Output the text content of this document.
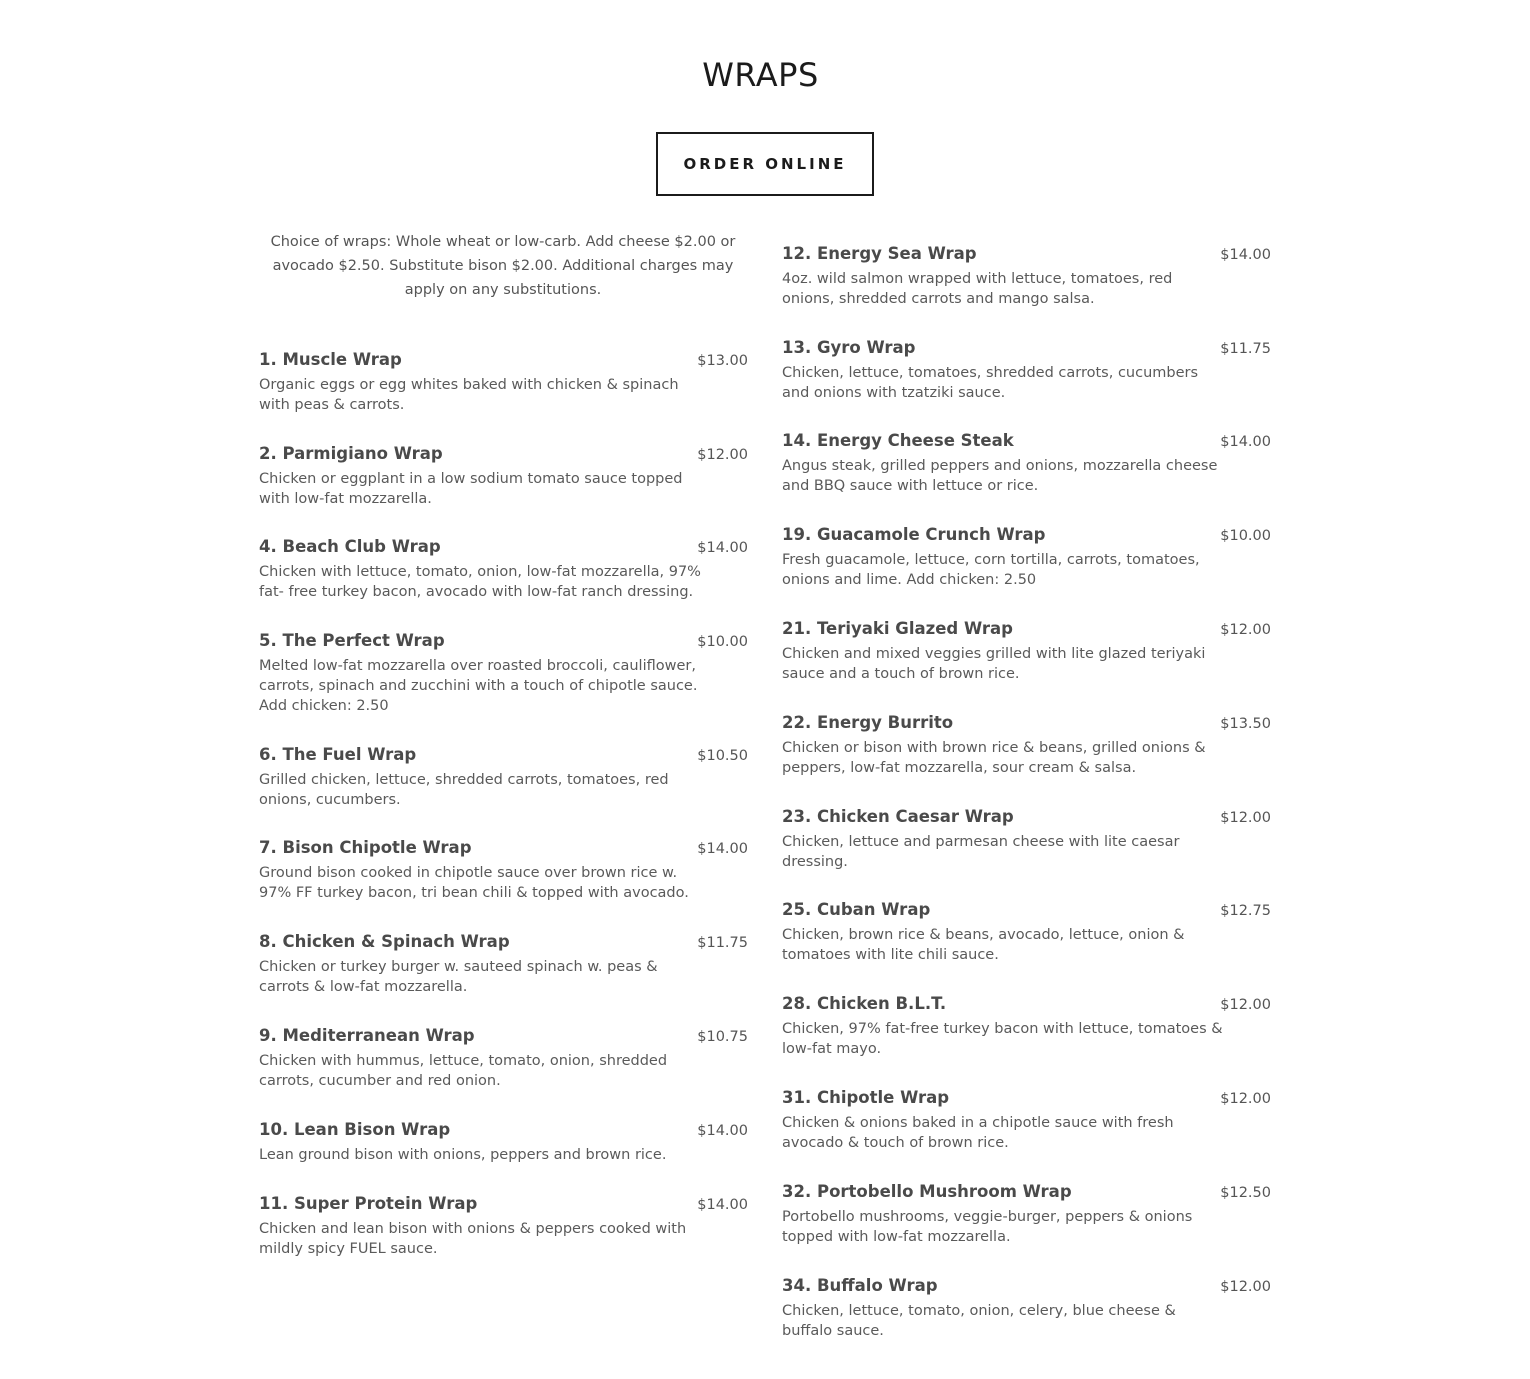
WRAPS
ORDER ONLINE

Choice of wraps: Whole wheat or low-carb. Add cheese $2.00 or avocado $2.50. Substitute bison $2.00. Additional charges may apply on any substitutions.

1. Muscle Wrap	$13.00
Organic eggs or egg whites baked with chicken & spinach with peas & carrots.
2. Parmigiano Wrap	$12.00
Chicken or eggplant in a low sodium tomato sauce topped with low-fat mozzarella.
4. Beach Club Wrap	$14.00
Chicken with lettuce, tomato, onion, low-fat mozzarella, 97% fat- free turkey bacon, avocado with low-fat ranch dressing.
5. The Perfect Wrap	$10.00
Melted low-fat mozzarella over roasted broccoli, cauliflower, carrots, spinach and zucchini with a touch of chipotle sauce. Add chicken: 2.50
6. The Fuel Wrap	$10.50
Grilled chicken, lettuce, shredded carrots, tomatoes, red onions, cucumbers.
7. Bison Chipotle Wrap	$14.00
Ground bison cooked in chipotle sauce over brown rice w. 97% FF turkey bacon, tri bean chili & topped with avocado.
8. Chicken & Spinach Wrap	$11.75
Chicken or turkey burger w. sauteed spinach w. peas & carrots & low-fat mozzarella.
9. Mediterranean Wrap	$10.75
Chicken with hummus, lettuce, tomato, onion, shredded carrots, cucumber and red onion.
10. Lean Bison Wrap	$14.00
Lean ground bison with onions, peppers and brown rice.
11. Super Protein Wrap	$14.00
Chicken and lean bison with onions & peppers cooked with mildly spicy FUEL sauce.
12. Energy Sea Wrap	$14.00
4oz. wild salmon wrapped with lettuce, tomatoes, red onions, shredded carrots and mango salsa.
13. Gyro Wrap	$11.75
Chicken, lettuce, tomatoes, shredded carrots, cucumbers and onions with tzatziki sauce.
14. Energy Cheese Steak	$14.00
Angus steak, grilled peppers and onions, mozzarella cheese and BBQ sauce with lettuce or rice.
19. Guacamole Crunch Wrap	$10.00
Fresh guacamole, lettuce, corn tortilla, carrots, tomatoes, onions and lime. Add chicken: 2.50
21. Teriyaki Glazed Wrap	$12.00
Chicken and mixed veggies grilled with lite glazed teriyaki sauce and a touch of brown rice.
22. Energy Burrito	$13.50
Chicken or bison with brown rice & beans, grilled onions & peppers, low-fat mozzarella, sour cream & salsa.
23. Chicken Caesar Wrap	$12.00
Chicken, lettuce and parmesan cheese with lite caesar dressing.
25. Cuban Wrap	$12.75
Chicken, brown rice & beans, avocado, lettuce, onion & tomatoes with lite chili sauce.
28. Chicken B.L.T.	$12.00
Chicken, 97% fat-free turkey bacon with lettuce, tomatoes & low-fat mayo.
31. Chipotle Wrap	$12.00
Chicken & onions baked in a chipotle sauce with fresh avocado & touch of brown rice.
32. Portobello Mushroom Wrap	$12.50
Portobello mushrooms, veggie-burger, peppers & onions topped with low-fat mozzarella.
34. Buffalo Wrap	$12.00
Chicken, lettuce, tomato, onion, celery, blue cheese & buffalo sauce.
